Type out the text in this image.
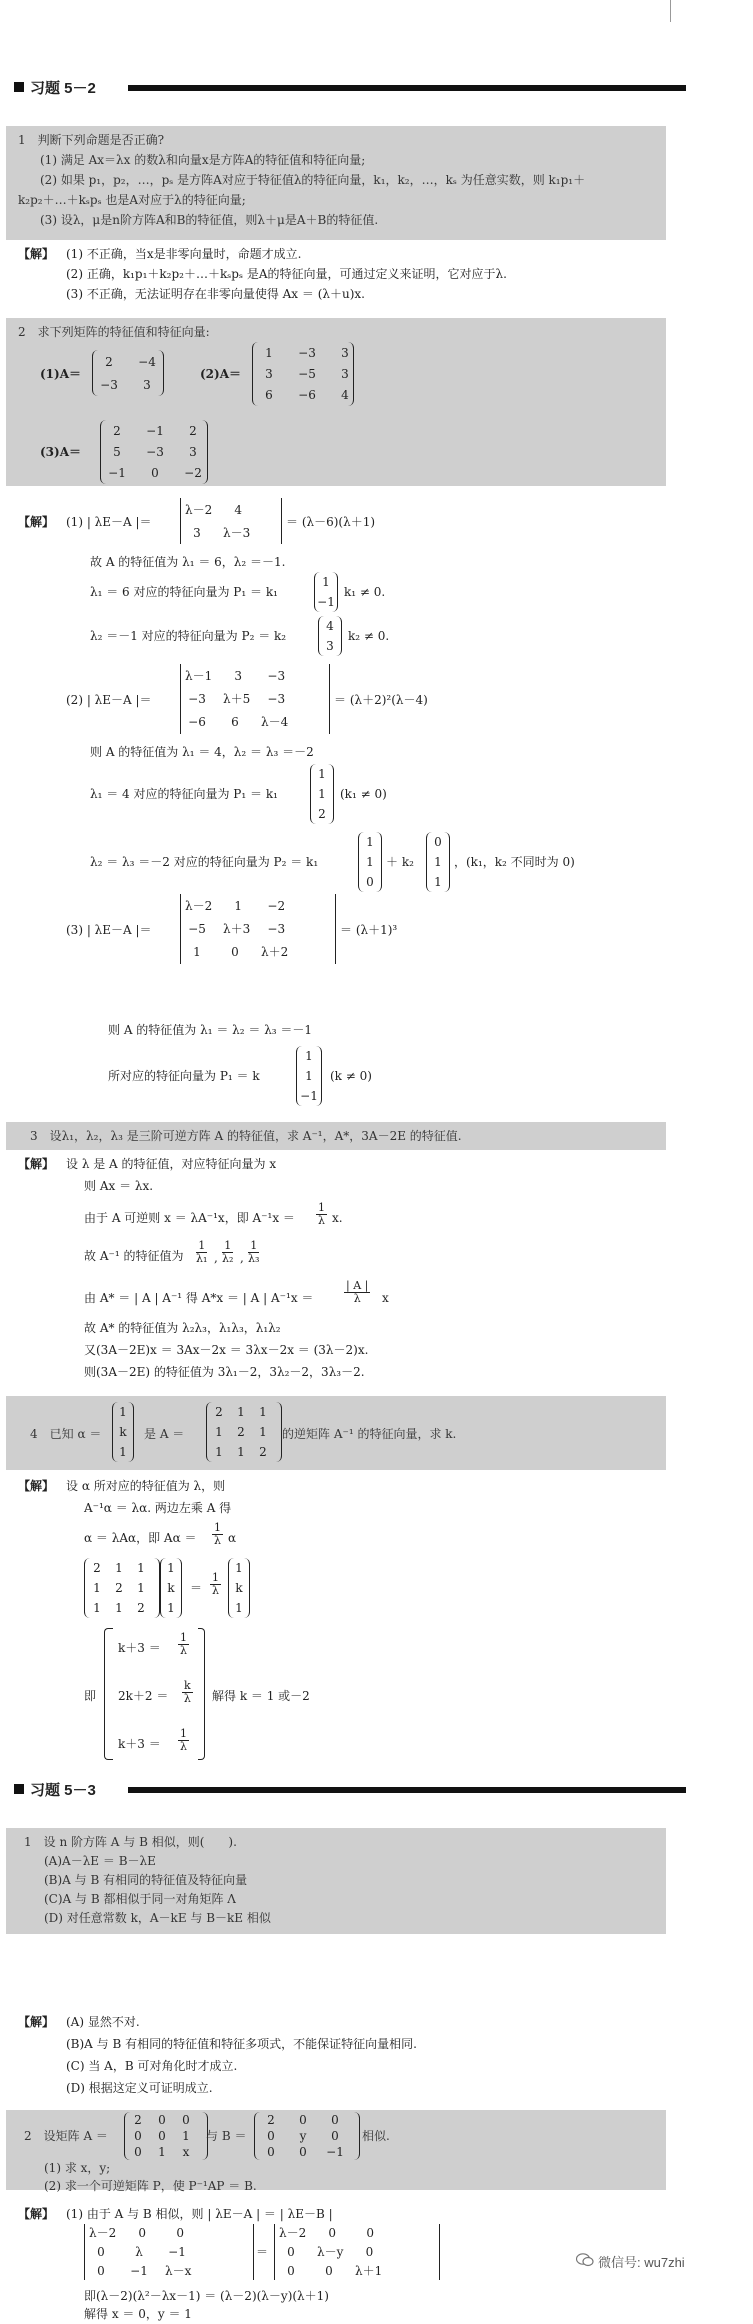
习题 5－2
1　判断下列命题是否正确?
(1) 满足 Ax＝λx 的数λ和向量x是方阵A的特征值和特征向量;
(2) 如果 p₁，p₂，…，pₛ 是方阵A对应于特征值λ的特征向量，k₁，k₂，…，kₛ 为任意实数，则 k₁p₁＋
k₂p₂＋…＋kₛpₛ 也是A对应于λ的特征向量;
(3) 设λ，μ是n阶方阵A和B的特征值，则λ＋μ是A＋B的特征值.
【解】 (1) 不正确，当x是非零向量时，命题才成立.
(2) 正确，k₁p₁＋k₂p₂＋…＋kₛpₛ 是A的特征向量，可通过定义来证明，它对应于λ.
(3) 不正确，无法证明存在非零向量使得 Ax ＝ (λ＋u)x.
2　求下列矩阵的特征值和特征向量:
(1)A＝
2	−4
−3	3
(2)A＝
1	−3	3
3	−5	3
6	−6	4
(3)A＝
2	−1	2
5	−3	3
−1	0	−2
【解】 (1) | λE－A |＝
λ－2	4
3	λ－3
＝ (λ－6)(λ＋1)
故 A 的特征值为 λ₁ ＝ 6，λ₂ ＝－1.
λ₁ ＝ 6 对应的特征向量为 P₁ ＝ k₁
1
−1
k₁ ≠ 0.
λ₂ ＝－1 对应的特征向量为 P₂ ＝ k₂
4
3
k₂ ≠ 0.
(2) | λE－A |＝
λ－1	3	−3
−3 λ＋5 −3
−6	6	λ－4
＝ (λ＋2)²(λ－4)
则 A 的特征值为 λ₁ ＝ 4，λ₂ ＝ λ₃ ＝－2
λ₁ ＝ 4 对应的特征向量为 P₁ ＝ k₁
1
1
2
(k₁ ≠ 0)
λ₂ ＝ λ₃ ＝－2 对应的特征向量为 P₂ ＝ k₁
1
1
0
＋ k₂
0
1
1
，(k₁，k₂ 不同时为 0)
(3) | λE－A |＝
λ－2	1	−2
−5 λ＋3 −3
1	0	λ＋2
＝ (λ＋1)³
则 A 的特征值为 λ₁ ＝ λ₂ ＝ λ₃ ＝－1
所对应的特征向量为 P₁ ＝ k
1
1
−1
(k ≠ 0)
3　设λ₁，λ₂，λ₃ 是三阶可逆方阵 A 的特征值，求 A⁻¹，A*，3A－2E 的特征值.
【解】 设 λ 是 A 的特征值，对应特征向量为 x
则 Ax ＝ λx.
由于 A 可逆则 x ＝ λA⁻¹x，即 $A^{-1}x = \frac{1}{\lambda} x$.
故 A⁻¹ 的特征值为 $\frac{1}{\text{λ₁}}$ , $\frac{1}{\text{λ₂}}$ , $\frac{1}{\text{λ₃}}$
由 A* ＝ | A | A⁻¹ 得 A*x ＝ | A | A⁻¹x ＝	$\frac{| A |}{\lambda}$ x
故 A* 的特征值为 λ₂λ₃，λ₁λ₃，λ₁λ₂
又(3A－2E)x ＝ 3Ax－2x ＝ 3λx－2x ＝ (3λ－2)x.
则(3A－2E) 的特征值为 3λ₁－2，3λ₂－2，3λ₃－2.
4　已知 α ＝
1
k
1
是 A ＝
2	1	1
1	2	1
1	1	2
的逆矩阵 A⁻¹ 的特征向量，求 k.
【解】 设 α 所对应的特征值为 λ，则
A⁻¹α ＝ λα. 两边左乘 A 得
α ＝ λAα，即 $A\alpha = \frac{1}{\lambda}$ α
2	1	1
1	2	1
1	1	2
1
k
1
＝ $\frac{1}{\lambda}$
1
k
1
即
$k+3 = \frac{1}{\lambda}$
$2k+2 = \frac{k}{\lambda}$
$k+3 = \frac{1}{\lambda}$
解得 k ＝ 1 或－2
习题 5－3
1　设 n 阶方阵 A 与 B 相似，则(　　).
(A)A－λE ＝ B－λE
(B)A 与 B 有相同的特征值及特征向量
(C)A 与 B 都相似于同一对角矩阵 Λ
(D) 对任意常数 k，A－kE 与 B－kE 相似
【解】 (A) 显然不对.
(B)A 与 B 有相同的特征值和特征多项式，不能保证特征向量相同.
(C) 当 A，B 可对角化时才成立.
(D) 根据这定义可证明成立.
2　设矩阵 A ＝
2	0	0
0	0	1
0	1	x
与 B ＝
2	0	0
0	y	0
0	0	−1
相似.
(1) 求 x，y;
(2) 求一个可逆矩阵 P，使 P⁻¹AP ＝ B.
【解】 (1) 由于 A 与 B 相似，则 | λE－A | ＝ | λE－B |
λ－2	0	0
0	λ	−1
0	−1 λ－x
＝
λ－2	0	0
0	λ－y	0
0	0	λ＋1
即(λ－2)(λ²－λx－1) ＝ (λ－2)(λ－y)(λ＋1)
解得 x ＝ 0，y ＝ 1
微信号: wu7zhi
